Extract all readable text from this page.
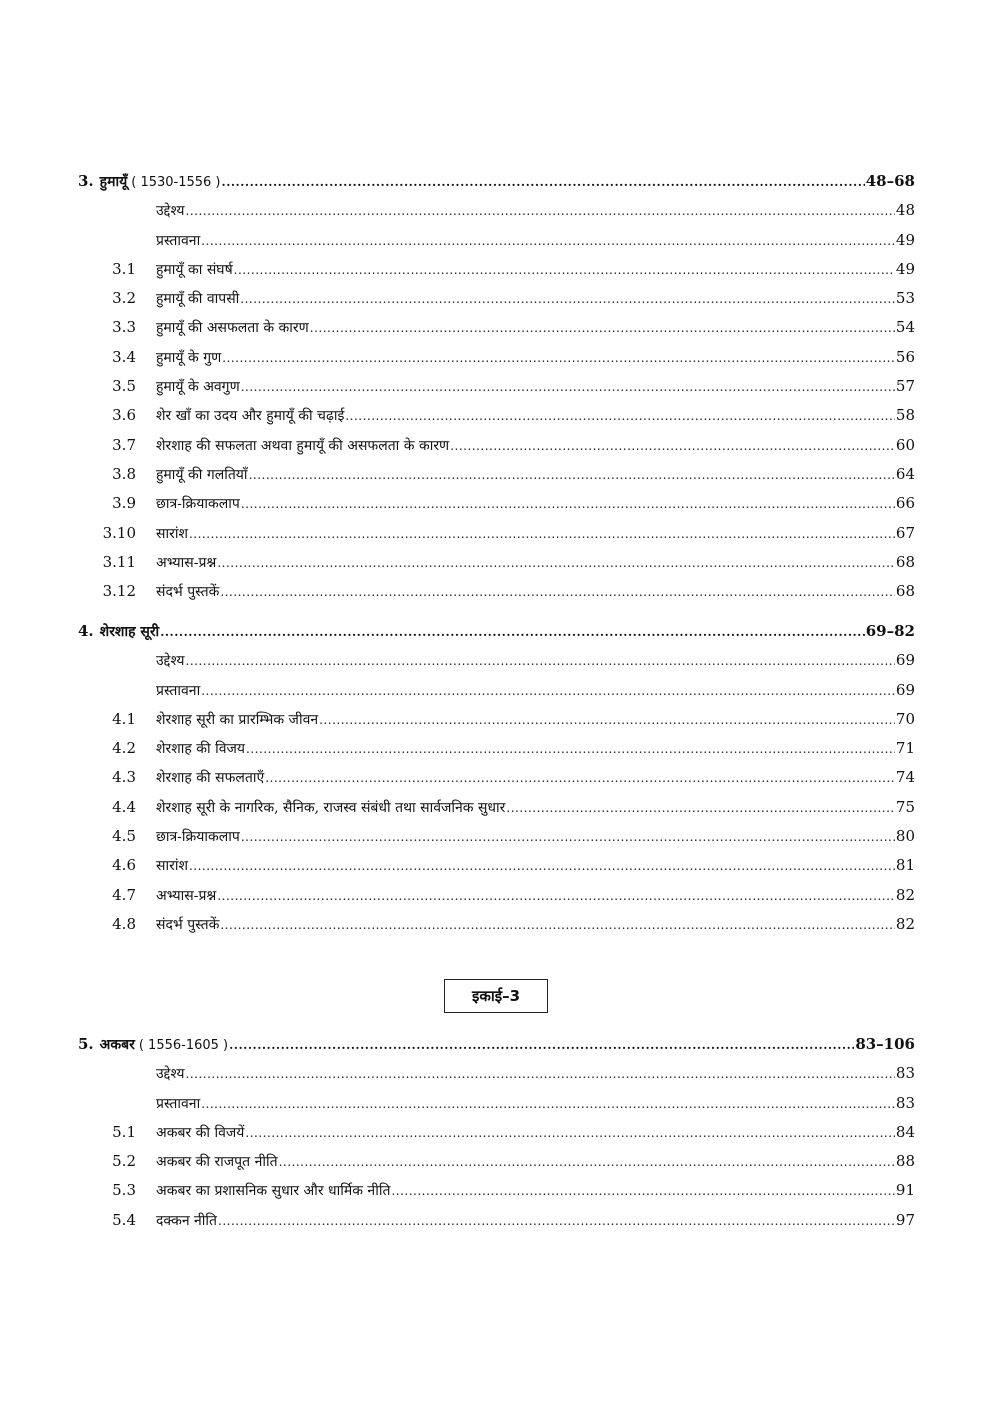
3. हुमायूँ ( 1530-1556 ) .....	48–68
उद्देश्य .....	48
प्रस्तावना .....	49
3.1 हुमायूँ का संघर्ष .....	49
3.2 हुमायूँ की वापसी .....	53
3.3 हुमायूँ की असफलता के कारण .....	54
3.4 हुमायूँ के गुण .....	56
3.5 हुमायूँ के अवगुण .....	57
3.6 शेर खाँ का उदय और हुमायूँ की चढ़ाई .....	58
3.7 शेरशाह की सफलता अथवा हुमायूँ की असफलता के कारण .....	60
3.8 हुमायूँ की गलतियाँ .....	64
3.9 छात्र-क्रियाकलाप .....	66
3.10 सारांश .....	67
3.11 अभ्यास-प्रश्न .....	68
3.12 संदर्भ पुस्तकें .....	68
4. शेरशाह सूरी .....	69–82
उद्देश्य .....	69
प्रस्तावना .....	69
4.1 शेरशाह सूरी का प्रारम्भिक जीवन .....	70
4.2 शेरशाह की विजय .....	71
4.3 शेरशाह की सफलताएँ .....	74
4.4 शेरशाह सूरी के नागरिक, सैनिक, राजस्व संबंधी तथा सार्वजनिक सुधार .....	75
4.5 छात्र-क्रियाकलाप .....	80
4.6 सारांश .....	81
4.7 अभ्यास-प्रश्न .....	82
4.8 संदर्भ पुस्तकें .....	82
इकाई–3
5. अकबर ( 1556-1605 ) .....	83–106
उद्देश्य .....	83
प्रस्तावना .....	83
5.1 अकबर की विजयें .....	84
5.2 अकबर की राजपूत नीति .....	88
5.3 अकबर का प्रशासनिक सुधार और धार्मिक नीति .....	91
5.4 दक्कन नीति .....	97
